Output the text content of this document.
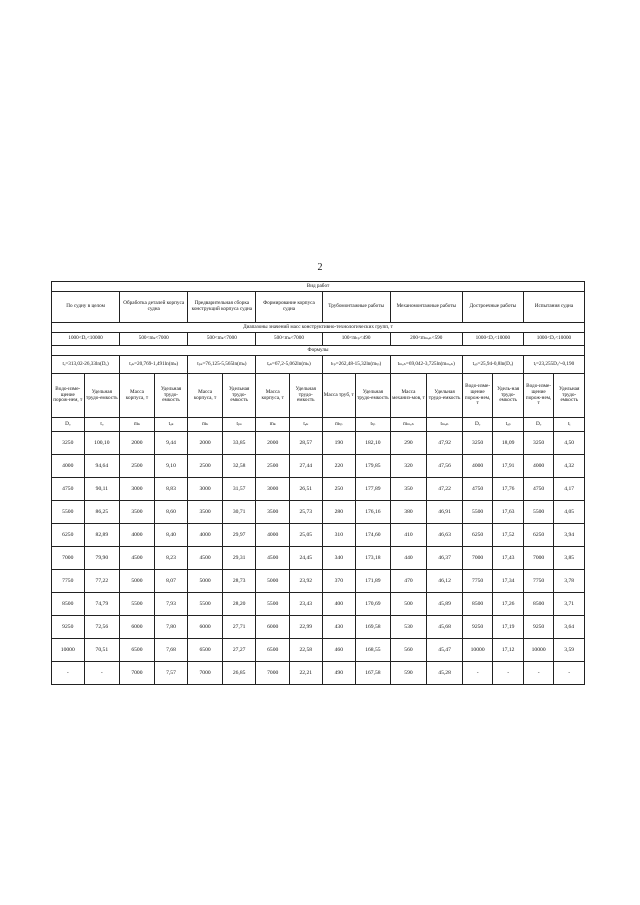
2
Вид работ															
По судну в целом		Обработка деталей корпуса судна		Предварительная сборка конструкций корпуса судна		Формирование корпуса судна		Трубомонтажные работы		Механомонтажные работы		Достроечные работы		Испытания судна	
Диапазоны значений масс конструктивно-технологических групп, т															
1000<Dₒ<10000		500<mₖ<7000		500<mₖ<7000		500<mₖ<7000		100<mₜₚ<490		200<mₘₑₕ<590		1000<Dₒ<10000		1000<Dₒ<10000	
Формулы															
tₒ=313,02-26,33ln(Dₒ)		tₒₖ=20,769-1,491ln(mₖ)		tₚₛ=76,125-5,565ln(mₖ)		tₑₖ=67,2-5,062ln(mₖ)		tₜₚ=262,48-15,32ln(mₜₚ)		tₘₑₕ=69,042-3,725ln(mₘₑₕ)		tₔₚ=25,94-0,8ln(Dₒ)		tᵢ=23,255Dₒ^-0,190	
Водо-изме-щение порож-нем, т	Удельная трудо-емкость	Масса корпуса, т	Удельная трудо-емкость	Масса корпуса, т	Удельная трудо-емкость	Масса корпуса, т	Удельная трудо-емкость	Масса труб, т	Удельная трудо-емкость	Масса механиз-мов, т	Удельная трудо-емкость	Водо-изме-щение порож-нем, т	Удель-ная трудо-емкость	Водо-изме-щение порож-нем, т	Удельная трудо-емкость
Dₒ	tₒ	mₖ	tₒₖ	mₖ	tₚₛ	mₖ	tₑₖ	mₜₚ	tₜₚ	mₘₑₕ	tₘₑₕ	Dₒ	tₔₚ	Dₒ	tᵢ
3250	100,10	2000	9,44	2000	33,85	2000	28,57	190	182,10	290	47,92	3250	18,09	3250	4,50
4000	94,64	2500	9,10	2500	32,58	2500	27,44	220	179,85	320	47,56	4000	17,91	4000	4,32
4750	90,11	3000	8,83	3000	31,57	3000	26,51	250	177,89	350	47,22	4750	17,76	4750	4,17
5500	86,25	3500	8,60	3500	30,71	3500	25,73	280	176,16	380	46,91	5500	17,63	5500	4,05
6250	82,89	4000	8,40	4000	29,97	4000	25,05	310	174,60	410	46,63	6250	17,52	6250	3,94
7000	79,90	4500	8,23	4500	29,31	4500	24,45	340	173,18	440	46,37	7000	17,43	7000	3,85
7750	77,22	5000	8,07	5000	28,73	5000	23,92	370	171,89	470	46,12	7750	17,34	7750	3,78
8500	74,79	5500	7,93	5500	28,20	5500	23,43	400	170,69	500	45,89	8500	17,26	8500	3,71
9250	72,56	6000	7,80	6000	27,71	6000	22,99	430	169,58	530	45,68	9250	17,19	9250	3,64
10000	70,51	6500	7,68	6500	27,27	6500	22,58	460	168,55	560	45,47	10000	17,12	10000	3,59
-	-	7000	7,57	7000	26,85	7000	22,21	490	167,58	590	45,28	-	-	-	-
